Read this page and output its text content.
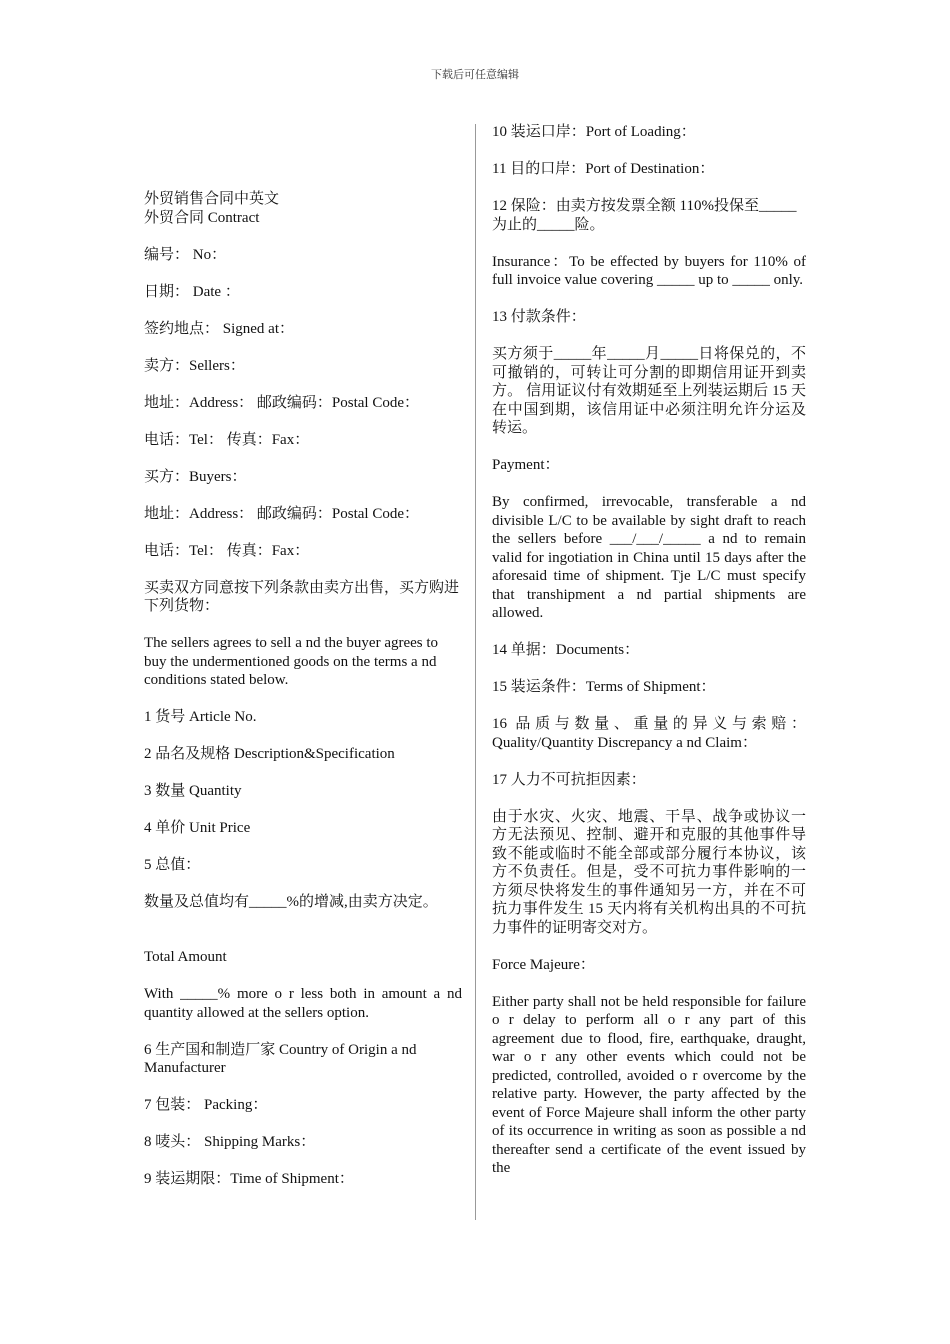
下载后可任意编辑
外贸销售合同中英文

外贸合同 Contract

编号： No：

日期： Date ：

签约地点： Signed at：

卖方：Sellers：

地址：Address： 邮政编码：Postal Code：

电话：Tel： 传真：Fax：

买方：Buyers：

地址：Address： 邮政编码：Postal Code：

电话：Tel： 传真：Fax：

买卖双方同意按下列条款由卖方出售，买方购进下列货物：

The sellers agrees to sell a nd the buyer agrees to buy the undermentioned goods on the terms a nd conditions stated below.

1 货号 Article No.

2 品名及规格 Description&Specification

3 数量 Quantity

4 单价 Unit Price

5 总值：

数量及总值均有_____%的增减,由卖方决定。

Total Amount

With _____% more o r less both in amount a nd quantity allowed at the sellers option.

6 生产国和制造厂家 Country of Origin a nd Manufacturer

7 包装： Packing：

8 唛头： Shipping Marks：

9 装运期限：Time of Shipment：

10 装运口岸：Port of Loading：

11 目的口岸：Port of Destination：

12 保险：由卖方按发票全额 110%投保至_____为止的_____险。

Insurance：To be effected by buyers for 110% of full invoice value covering _____ up to _____ only.

13 付款条件：

买方须于_____年_____月_____日将保兑的，不可撤销的，可转让可分割的即期信用证开到卖方。 信用证议付有效期延至上列装运期后 15 天在中国到期，该信用证中必须注明允许分运及转运。

Payment：

By confirmed, irrevocable, transferable a nd divisible L/C to be available by sight draft to reach the sellers before ___/___/_____ a nd to remain valid for ingotiation in China until 15 days after the aforesaid time of shipment. Tje L/C must specify that transhipment a nd partial shipments are allowed.

14 单据：Documents：

15 装运条件：Terms of Shipment：

16 品质与数量、重量的异义与索赔：Quality/Quantity Discrepancy a nd Claim：

17 人力不可抗拒因素：

由于水灾、火灾、地震、干旱、战争或协议一方无法预见、控制、避开和克服的其他事件导致不能或临时不能全部或部分履行本协议，该方不负责任。但是，受不可抗力事件影响的一方须尽快将发生的事件通知另一方，并在不可抗力事件发生 15 天内将有关机构出具的不可抗力事件的证明寄交对方。

Force Majeure：

Either party shall not be held responsible for failure o r delay to perform all o r any part of this agreement due to flood, fire, earthquake, draught, war o r any other events which could not be predicted, controlled, avoided o r overcome by the relative party. However, the party affected by the event of Force Majeure shall inform the other party of its occurrence in writing as soon as possible a nd thereafter send a certificate of the event issued by the
